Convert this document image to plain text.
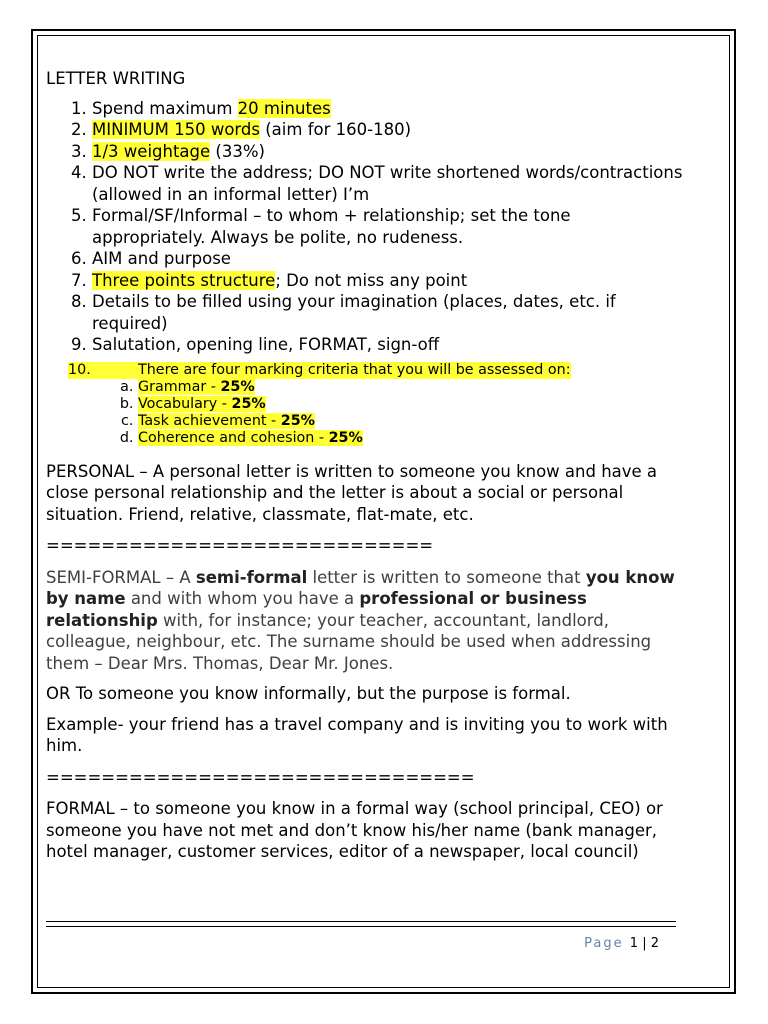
LETTER WRITING

1. Spend maximum 20 minutes
2. MINIMUM 150 words (aim for 160-180)
3. 1/3 weightage (33%)
4. DO NOT write the address; DO NOT write shortened words/contractions (allowed in an informal letter) I’m
5. Formal/SF/Informal – to whom + relationship; set the tone appropriately. Always be polite, no rudeness.
6. AIM and purpose
7. Three points structure; Do not miss any point
8. Details to be filled using your imagination (places, dates, etc. if required)
9. Salutation, opening line, FORMAT, sign-off
10.	There are four marking criteria that you will be assessed on:
a. Grammar - 25%
b. Vocabulary - 25%
c. Task achievement - 25%
d. Coherence and cohesion - 25%

PERSONAL – A personal letter is written to someone you know and have a close personal relationship and the letter is about a social or personal situation. Friend, relative, classmate, flat-mate, etc.

============================

SEMI-FORMAL – A semi-formal letter is written to someone that you know by name and with whom you have a professional or business relationship with, for instance; your teacher, accountant, landlord, colleague, neighbour, etc. The surname should be used when addressing them – Dear Mrs. Thomas, Dear Mr. Jones.

OR To someone you know informally, but the purpose is formal.

Example- your friend has a travel company and is inviting you to work with him.

===============================

FORMAL – to someone you know in a formal way (school principal, CEO) or someone you have not met and don’t know his/her name (bank manager, hotel manager, customer services, editor of a newspaper, local council)

Page 1 | 2
